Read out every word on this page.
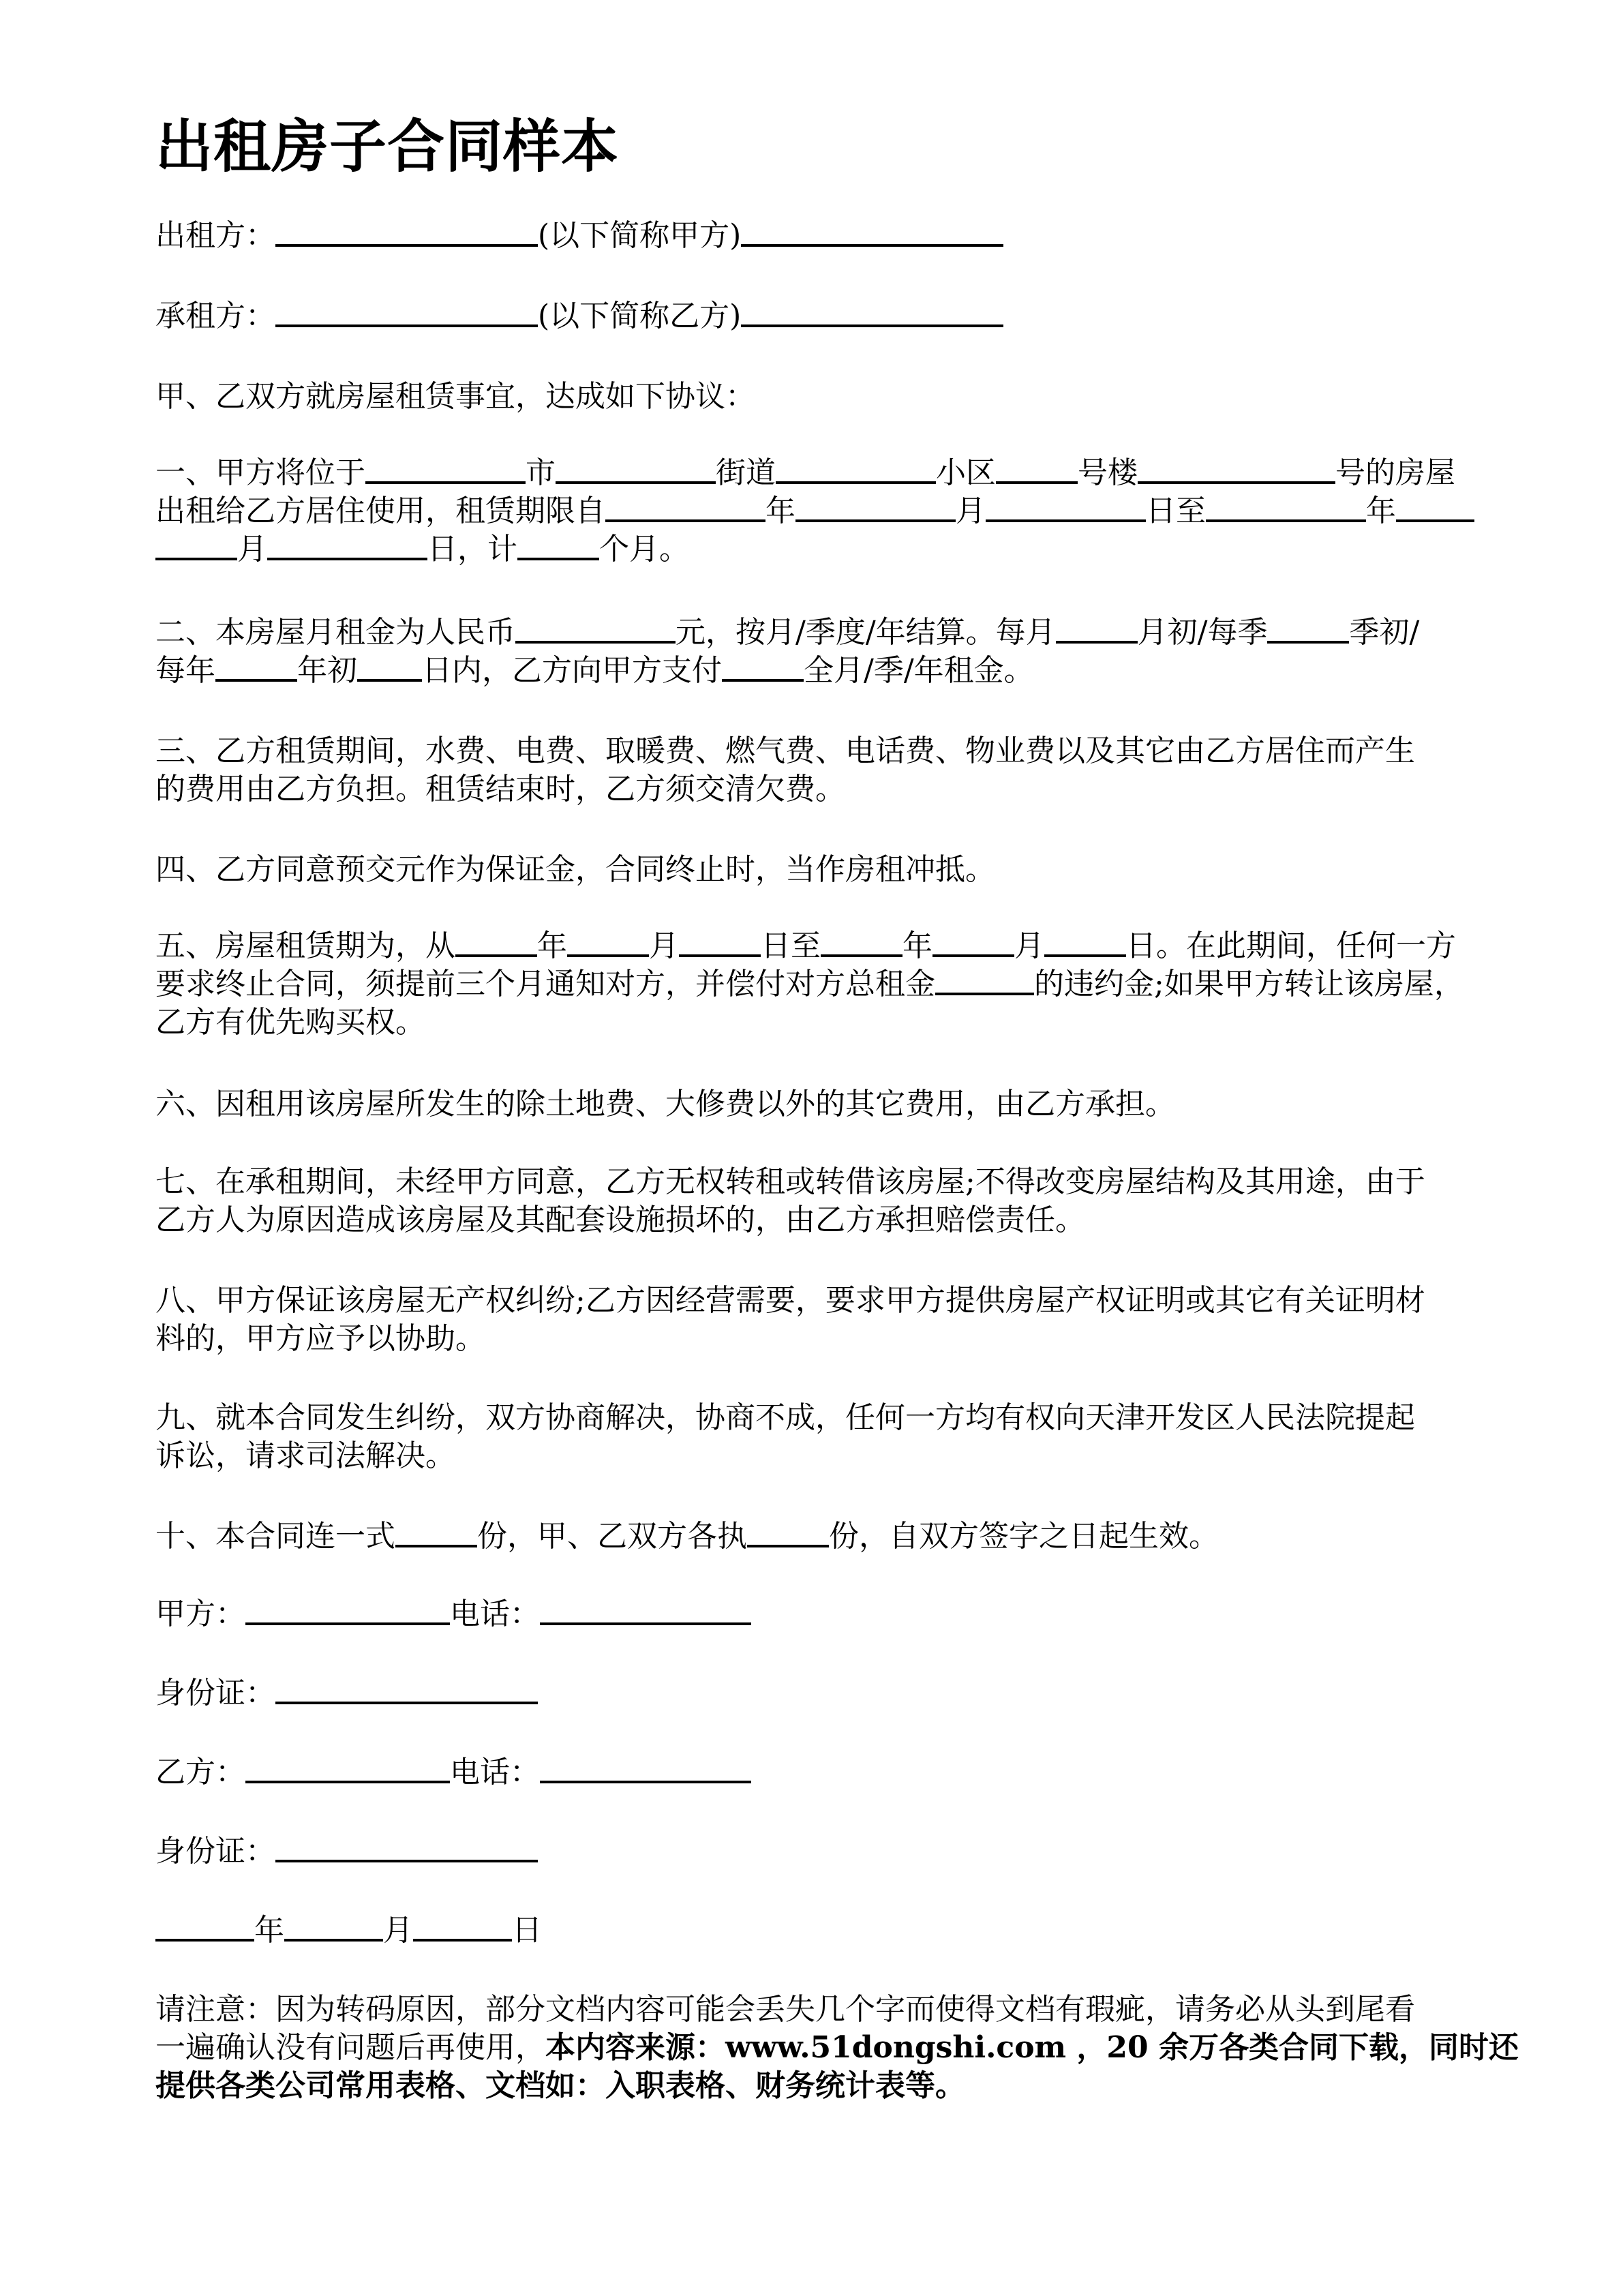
出租房子合同样本
出租方：	(以下简称甲方)
承租方：	(以下简称乙方)
甲、乙双方就房屋租赁事宜，达成如下协议：
一、甲方将位于	市	街道	小区	号楼	号的房屋
出租给乙方居住使用，租赁期限自	年	月	日至	年
月	日，计	个月。
二、本房屋月租金为人民币	元，按月/季度/年结算。每月	月初/每季	季初/
每年	年初 日内，乙方向甲方支付	全月/季/年租金。
三、乙方租赁期间，水费、电费、取暖费、燃气费、电话费、物业费以及其它由乙方居住而产生
的费用由乙方负担。租赁结束时，乙方须交清欠费。
四、乙方同意预交元作为保证金，合同终止时，当作房租冲抵。
五、房屋租赁期为，从	年	月	日至	年	月	日。在此期间，任何一方
要求终止合同，须提前三个月通知对方，并偿付对方总租金	的违约金;如果甲方转让该房屋，
乙方有优先购买权。
六、因租用该房屋所发生的除土地费、大修费以外的其它费用，由乙方承担。
七、在承租期间，未经甲方同意，乙方无权转租或转借该房屋;不得改变房屋结构及其用途，由于
乙方人为原因造成该房屋及其配套设施损坏的，由乙方承担赔偿责任。
八、甲方保证该房屋无产权纠纷;乙方因经营需要，要求甲方提供房屋产权证明或其它有关证明材
料的，甲方应予以协助。
九、就本合同发生纠纷，双方协商解决，协商不成，任何一方均有权向天津开发区人民法院提起
诉讼，请求司法解决。
十、本合同连一式	份，甲、乙双方各执	份，自双方签字之日起生效。
甲方：	电话：
身份证：
乙方：	电话：
身份证：
年	月	日
请注意：因为转码原因，部分文档内容可能会丢失几个字而使得文档有瑕疵，请务必从头到尾看
一遍确认没有问题后再使用，本内容来源：www.51dongshi.com ，20 余万各类合同下载，同时还
提供各类公司常用表格、文档如：入职表格、财务统计表等。
